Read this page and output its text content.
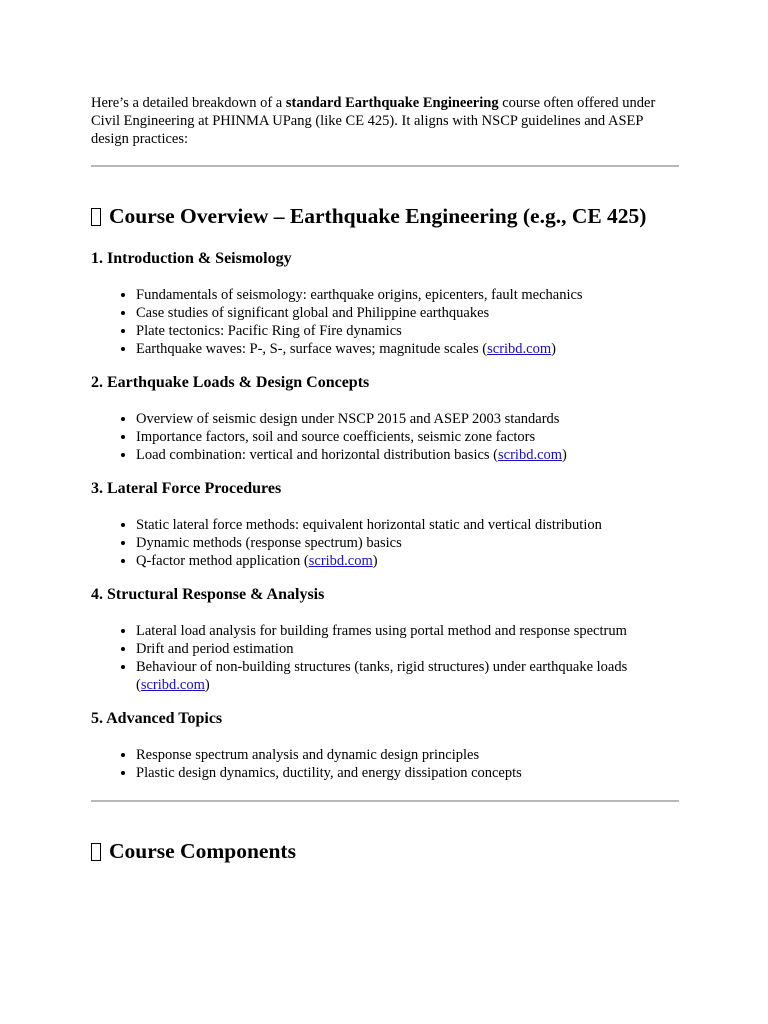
Here’s a detailed breakdown of a standard Earthquake Engineering course often offered under Civil Engineering at PHINMA UPang (like CE 425). It aligns with NSCP guidelines and ASEP design practices:

Course Overview – Earthquake Engineering (e.g., CE 425)
1. Introduction & Seismology
• Fundamentals of seismology: earthquake origins, epicenters, fault mechanics
• Case studies of significant global and Philippine earthquakes
• Plate tectonics: Pacific Ring of Fire dynamics
• Earthquake waves: P-, S-, surface waves; magnitude scales (scribd.com)
2. Earthquake Loads & Design Concepts
• Overview of seismic design under NSCP 2015 and ASEP 2003 standards
• Importance factors, soil and source coefficients, seismic zone factors
• Load combination: vertical and horizontal distribution basics (scribd.com)
3. Lateral Force Procedures
• Static lateral force methods: equivalent horizontal static and vertical distribution
• Dynamic methods (response spectrum) basics
• Q-factor method application (scribd.com)
4. Structural Response & Analysis
• Lateral load analysis for building frames using portal method and response spectrum
• Drift and period estimation
• Behaviour of non-building structures (tanks, rigid structures) under earthquake loads (scribd.com)
5. Advanced Topics
• Response spectrum analysis and dynamic design principles
• Plastic design dynamics, ductility, and energy dissipation concepts
Course Components
